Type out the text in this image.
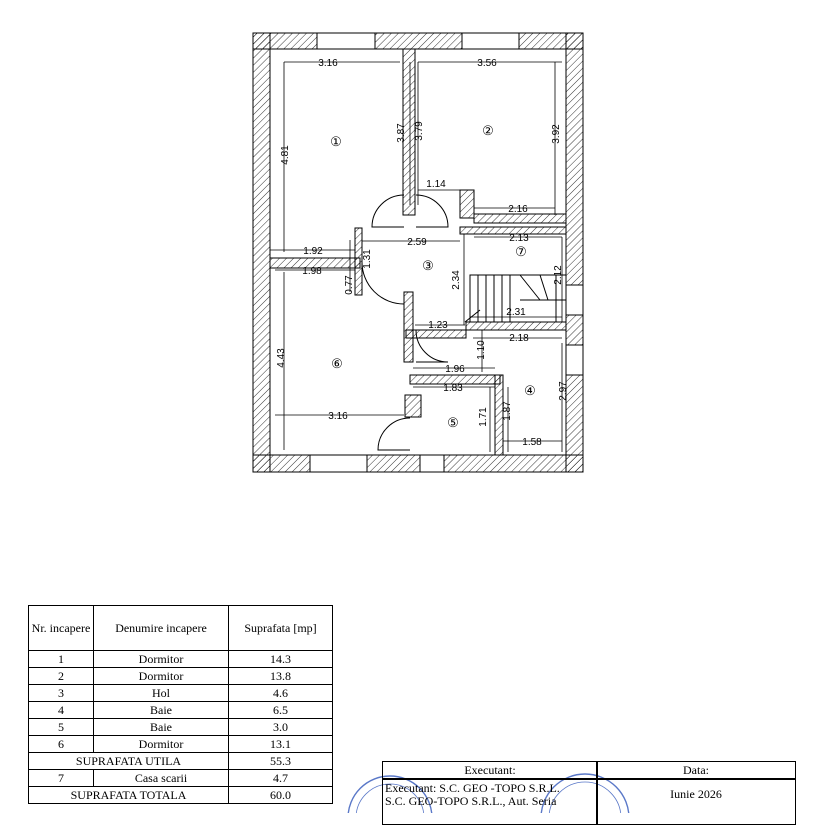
3.16	3.56
4.81
3.87 3.79	3.92
1.14
2.16
1.92
2.59	2.13
1.98
1.31
0.77	2.34	2.12
2.31
1.23
1.10
2.18
4.43
1.96
1.83	2.97
1.71 1.87
3.16
1.58
①
②
③
④
⑤
⑥
⑦
Nr. incapere	Denumire incapere	Suprafata [mp]
1	Dormitor	14.3
2	Dormitor	13.8
3	Hol	4.6
4	Baie	6.5
5	Baie	3.0
6	Dormitor	13.1
SUPRAFATA UTILA		55.3
7	Casa scarii	4.7
SUPRAFATA TOTALA		60.0
Executant:	Data:
Executant: S.C. GEO -TOPO S.R.L.
S.C. GEO-TOPO S.R.L., Aut. Seria	Iunie 2026
